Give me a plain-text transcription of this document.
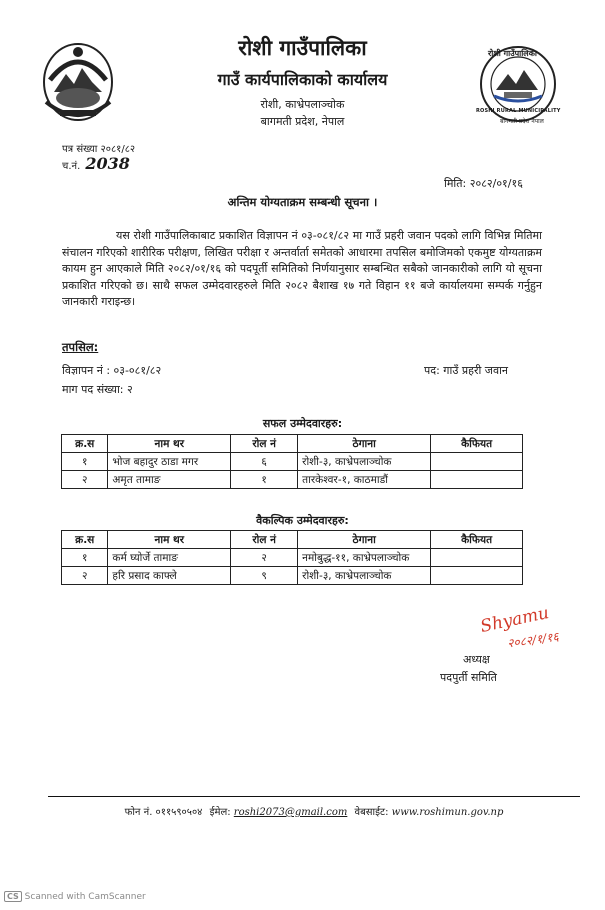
रोशी गाउँपालिका
ROSHI RURAL MUNICIPALITY
बागमती प्रदेश नेपाल
रोशी गाउँपालिका
गाउँ कार्यपालिकाको कार्यालय
रोशी, काभ्रेपलाञ्चोक
बागमती प्रदेश, नेपाल
पत्र संख्या २०८१/८२
च.नं. 2038
मिति: २०८२/०१/१६
अन्तिम योग्यताक्रम सम्बन्धी सूचना ।
यस रोशी गाउँपालिकाबाट प्रकाशित विज्ञापन नं ०३-०८१/८२ मा गाउँ प्रहरी जवान पदको लागि विभिन्न मितिमा संचालन गरिएको शारीरिक परीक्षण, लिखित परीक्षा र अन्तर्वार्ता समेतको आधारमा तपसिल बमोजिमको एकमुष्ट योग्यताक्रम कायम हुन आएकाले मिति २०८२/०१/१६ को पदपूर्ती समितिको निर्णयानुसार सम्बन्धित सबैको जानकारीको लागि यो सूचना प्रकाशित गरिएको छ। साथै सफल उम्मेदवारहरुले मिति २०८२ बैशाख १७ गते विहान ११ बजे कार्यालयमा सम्पर्क गर्नुहुन जानकारी गराइन्छ।
तपसिल:
विज्ञापन नं : ०३-०८१/८२	पद: गाउँ प्रहरी जवान
माग पद संख्या: २
सफल उम्मेदवारहरु:
क्र.स	नाम थर	रोल नं	ठेगाना	कैफियत
१	भोज बहादुर ठाडा मगर	६	रोशी-३, काभ्रेपलाञ्चोक	
२	अमृत तामाङ	१	तारकेश्वर-१, काठमाडौं	
वैकल्पिक उम्मेदवारहरु:
क्र.स	नाम थर	रोल नं	ठेगाना	कैफियत
१	कर्म घ्योर्जे तामाङ	२	नमोबुद्ध-११, काभ्रेपलाञ्चोक	
२	हरि प्रसाद काफ्ले	९	रोशी-३, काभ्रेपलाञ्चोक	
Shyamu
२०८२/१/१६
अध्यक्ष
पदपुर्ती समिति
फोन नं. ०११५९०५०४ ईमेल: roshi2073@gmail.com वेबसाईट: www.roshimun.gov.np
CS Scanned with CamScanner
